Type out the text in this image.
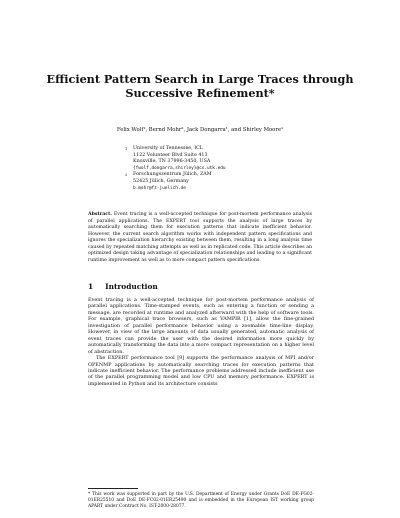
Efficient Pattern Search in Large Traces through Successive Refinement*
Felix Wolf¹, Bernd Mohr², Jack Dongarra¹, and Shirley Moore¹
1	University of Tennessee, ICL
1122 Volunteer Blvd Suite 413
Knoxville, TN 37996-3450, USA
{fwolf,dongarra,shirley}@cs.utk.edu
2	Forschungszentrum Jülich, ZAM
52425 Jülich, Germany
b.mohr@fz-juelich.de
Abstract. Event tracing is a well-accepted technique for post-mortem performance analysis of parallel applications. The EXPERT tool supports the analysis of large traces by automatically searching them for execution patterns that indicate inefficient behavior. However, the current search algorithm works with independent pattern specifications and ignores the specialization hierarchy existing between them, resulting in a long analysis time caused by repeated matching attempts as well as in replicated code. This article describes an optimized design taking advantage of specialization relationships and leading to a significant runtime improvement as well as to more compact pattern specifications.
1 Introduction

Event tracing is a well-accepted technique for post-mortem performance analysis of parallel applications. Time-stamped events, such as entering a function or sending a message, are recorded at runtime and analyzed afterward with the help of software tools. For example, graphical trace browsers, such as VAMPIR [1], allow the fine-grained investigation of parallel performance behavior using a zoomable time-line display. However, in view of the large amounts of data usually generated, automatic analysis of event traces can provide the user with the desired information more quickly by automatically transforming the data into a more compact representation on a higher level of abstraction.

The EXPERT performance tool [9] supports the performance analysis of MPI and/or OPENMP applications by automatically searching traces for execution patterns that indicate inefficient behavior. The performance problems addressed include inefficient use of the parallel programming model and low CPU and memory performance. EXPERT is implemented in Python and its architecture consists

* This work was supported in part by the U.S. Department of Energy under Grants DoE DE-FG02-01ER25510 and DoE DE-FC02-01ER25490 and is embedded in the European IST working group APART under Contract No. IST-2000-28077.
